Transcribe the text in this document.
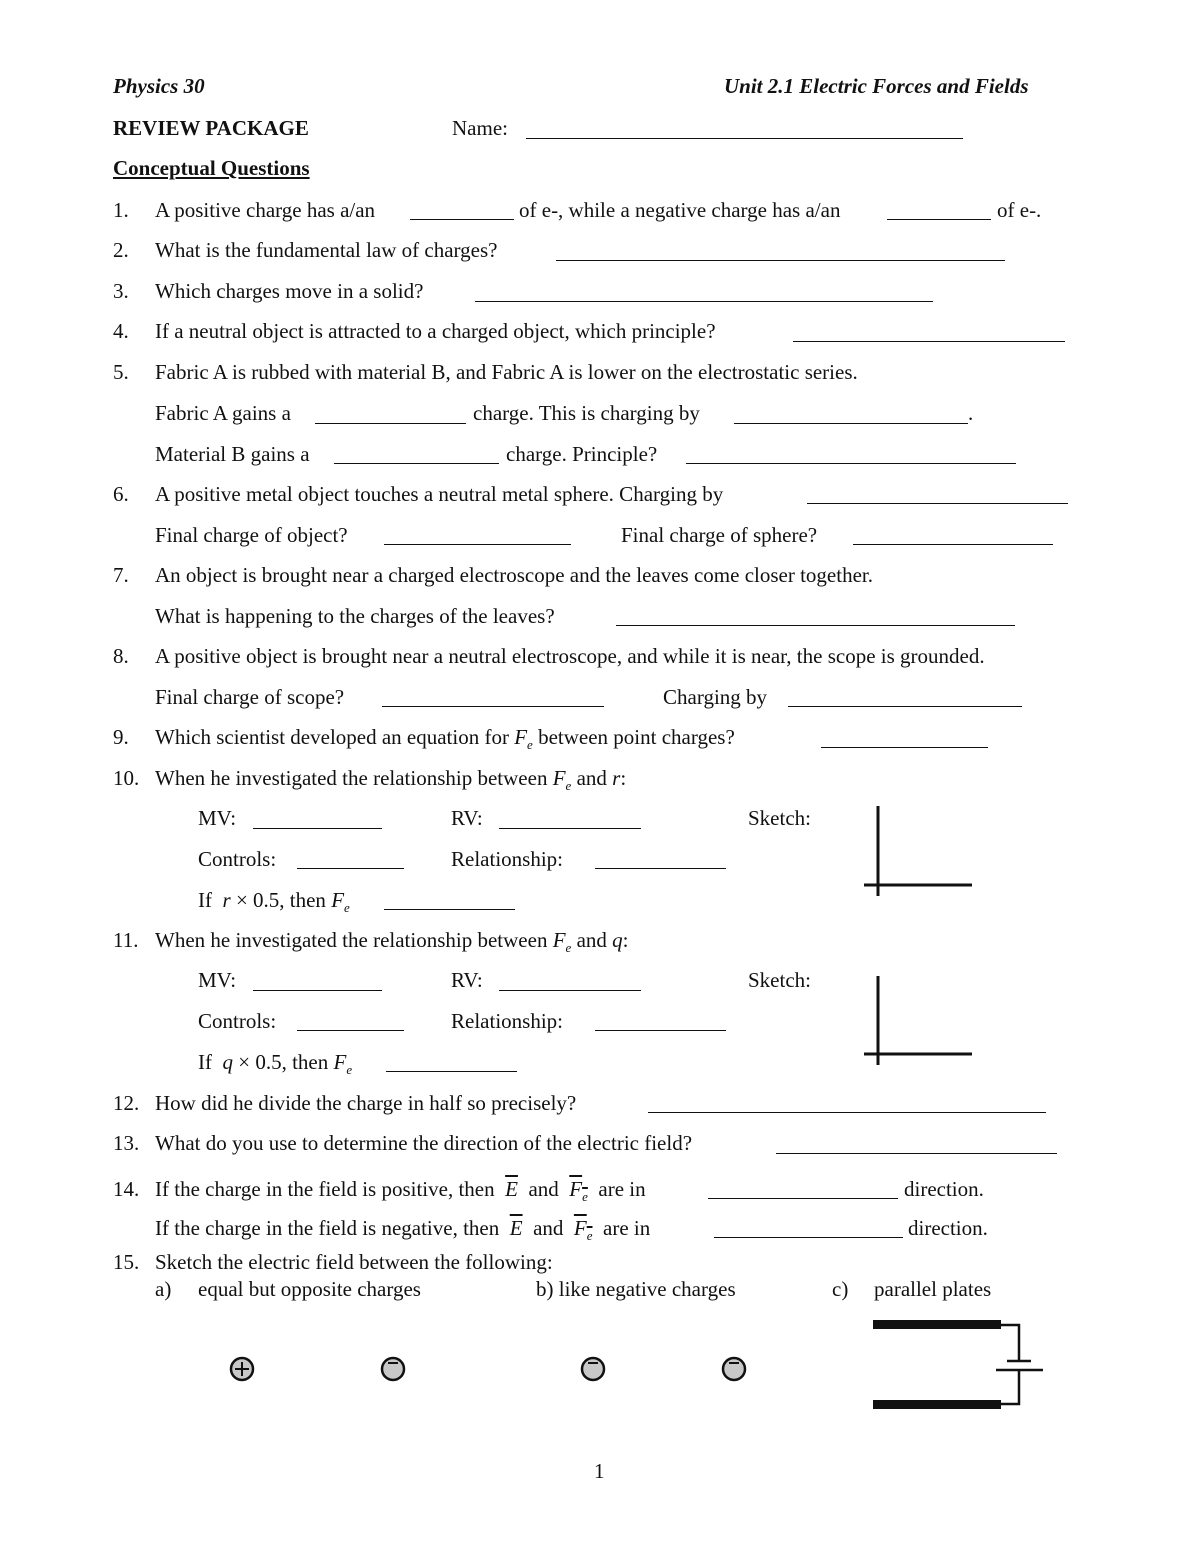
Physics 30	Unit 2.1 Electric Forces and Fields
REVIEW PACKAGE	Name:
Conceptual Questions
1. A positive charge has a/an	of e-, while a negative charge has a/an	of e-.
2. What is the fundamental law of charges?
3. Which charges move in a solid?
4. If a neutral object is attracted to a charged object, which principle?
5. Fabric A is rubbed with material B, and Fabric A is lower on the electrostatic series.
Fabric A gains a	charge. This is charging by	.
Material B gains a	charge. Principle?
6. A positive metal object touches a neutral metal sphere. Charging by
Final charge of object?	Final charge of sphere?
7. An object is brought near a charged electroscope and the leaves come closer together.
What is happening to the charges of the leaves?
8. A positive object is brought near a neutral electroscope, and while it is near, the scope is grounded.
Final charge of scope?	Charging by
9. Which scientist developed an equation for $F_e$ between point charges?
10. When he investigated the relationship between $F_e$ and r:
MV:	RV:	Sketch:
Controls:	Relationship:
If r × 0.5, then $F_e$
11. When he investigated the relationship between $F_e$ and q:
MV:	RV:	Sketch:
Controls:	Relationship:
If q × 0.5, then $F_e$
12. How did he divide the charge in half so precisely?
13. What do you use to determine the direction of the electric field?
14. If the charge in the field is positive, then $\overline{E}$ and $F_e$ are in	direction.
If the charge in the field is negative, then $\overline{E}$ and $F_e$ are in	direction.
15. Sketch the electric field between the following:
a) equal but opposite charges	b) like negative charges	c) parallel plates
1
